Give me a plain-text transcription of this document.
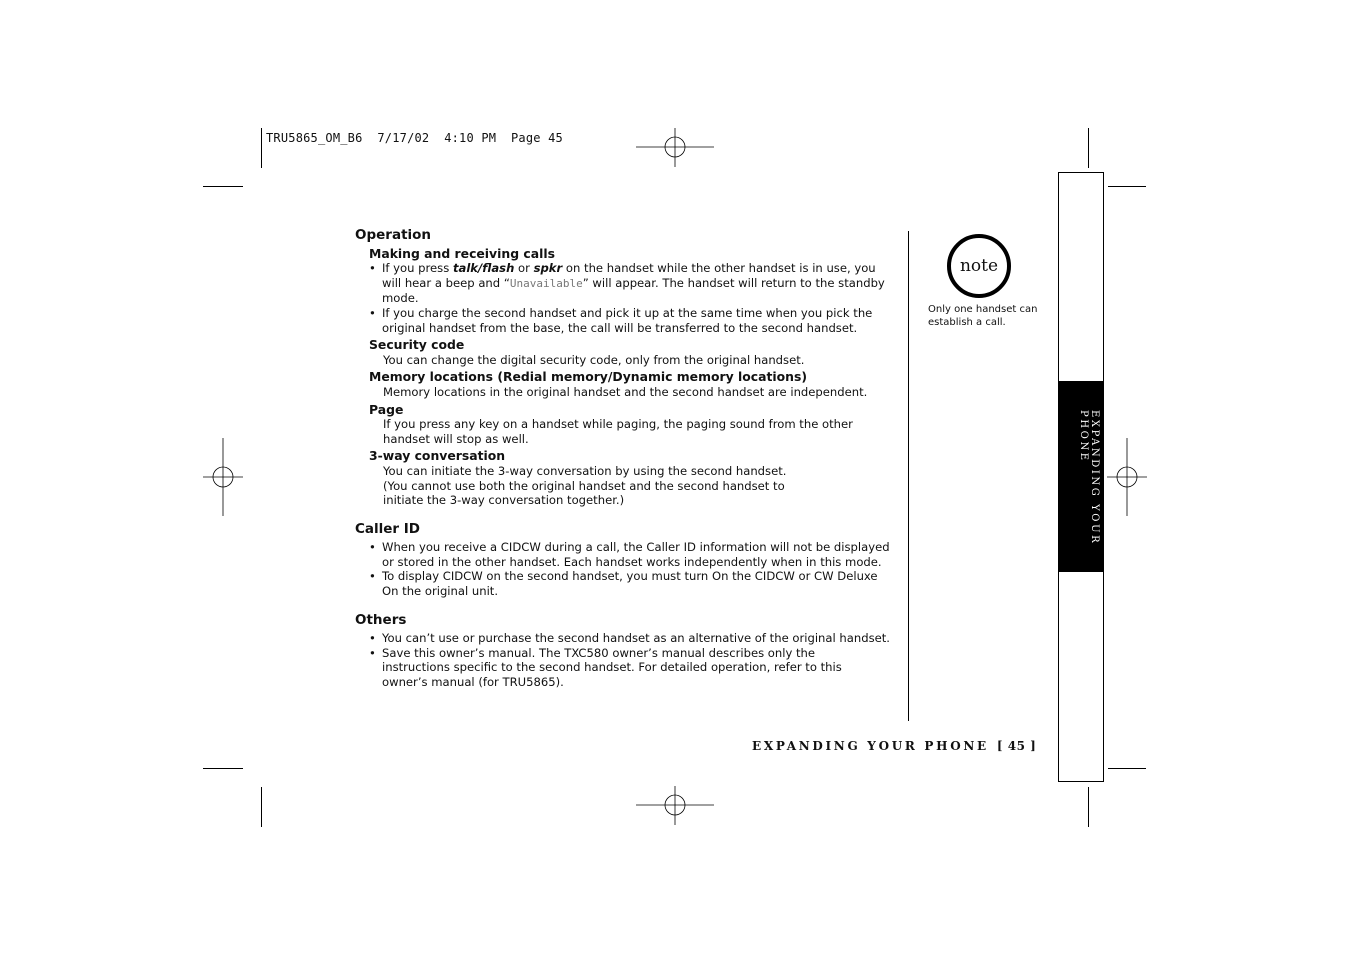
TRU5865_OM_B6  7/17/02  4:10 PM  Page 45
Operation
Making and receiving calls
• If you press talk/flash or spkr on the handset while the other handset is in use, you will hear a beep and “Unavailable” will appear. The handset will return to the standby mode.
• If you charge the second handset and pick it up at the same time when you pick the original handset from the base, the call will be transferred to the second handset.
Security code
You can change the digital security code, only from the original handset.
Memory locations (Redial memory/Dynamic memory locations)
Memory locations in the original handset and the second handset are independent.
Page
If you press any key on a handset while paging, the paging sound from the other handset will stop as well.
3-way conversation
You can initiate the 3-way conversation by using the second handset.
(You cannot use both the original handset and the second handset to initiate the 3-way conversation together.)
Caller ID
• When you receive a CIDCW during a call, the Caller ID information will not be displayed or stored in the other handset. Each handset works independently when in this mode.
• To display CIDCW on the second handset, you must turn On the CIDCW or CW Deluxe On the original unit.
Others
• You can’t use or purchase the second handset as an alternative of the original handset.
• Save this owner’s manual. The TXC580 owner’s manual describes only the instructions specific to the second handset. For detailed operation, refer to this owner’s manual (for TRU5865).
note
Only one handset can establish a call.
EXPANDING YOUR PHONE
EXPANDING YOUR PHONE [ 45 ]
